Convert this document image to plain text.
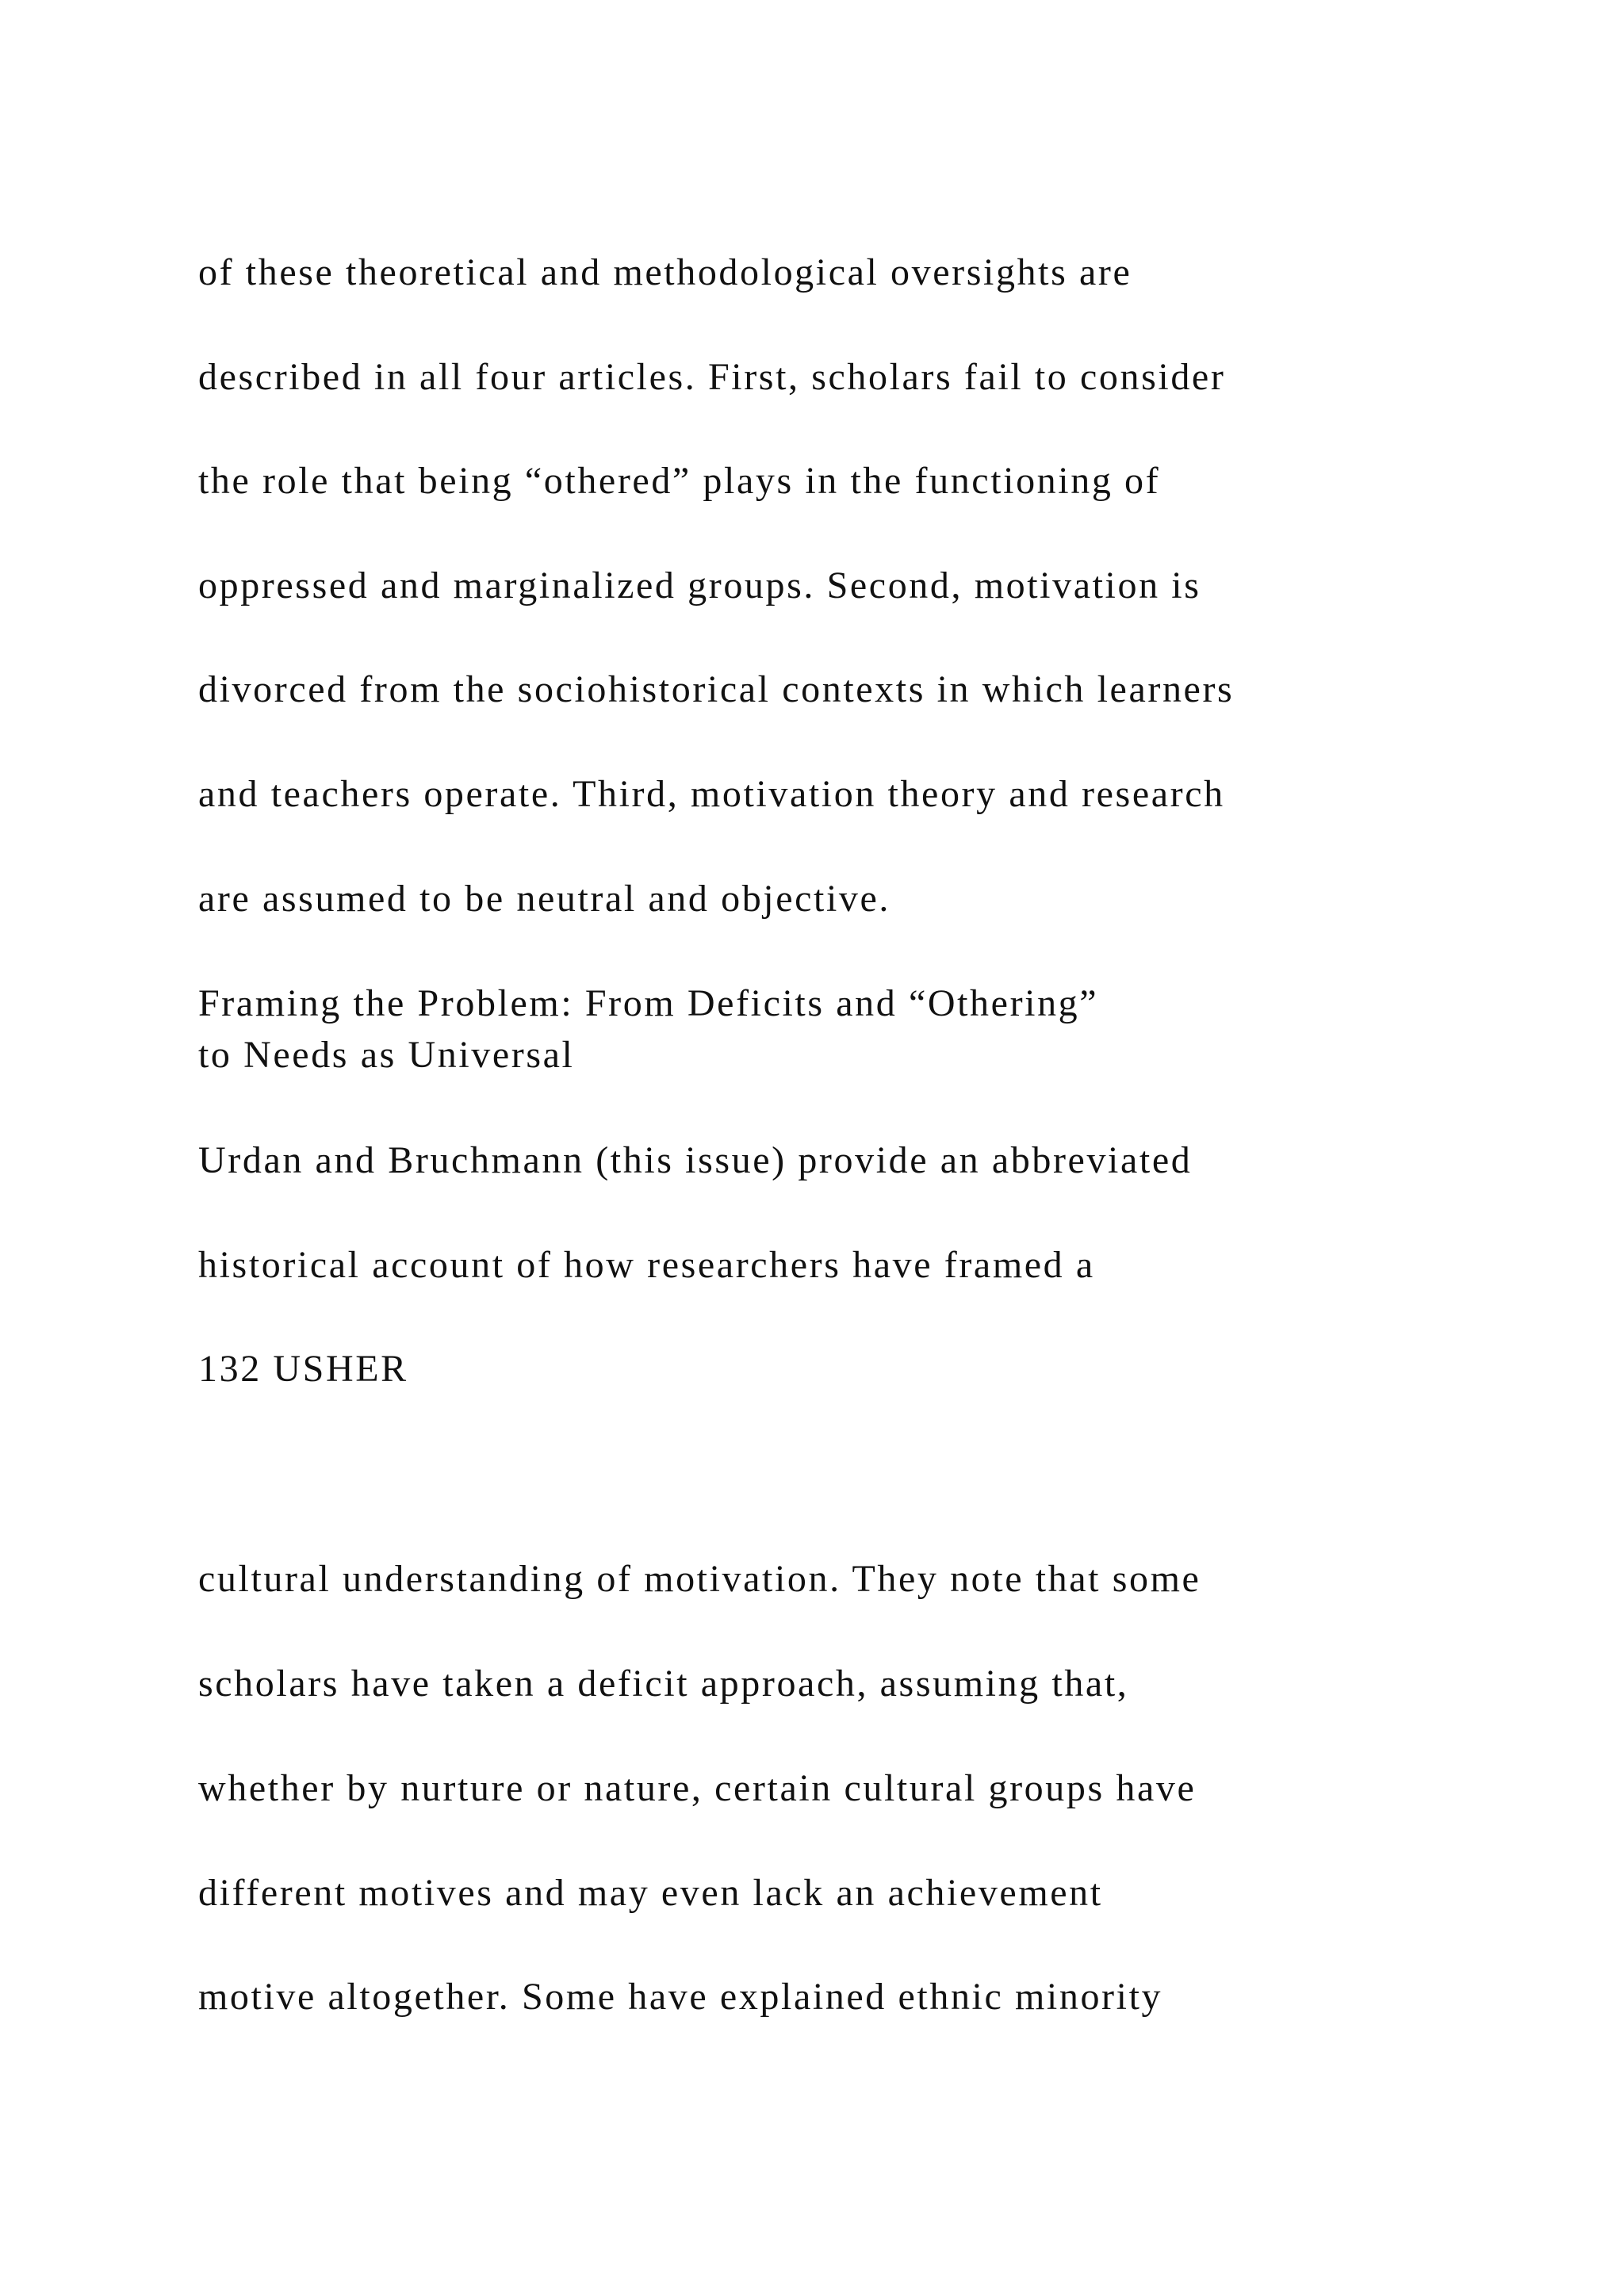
of these theoretical and methodological oversights are

described in all four articles. First, scholars fail to consider

the role that being “othered” plays in the functioning of

oppressed and marginalized groups. Second, motivation is

divorced from the sociohistorical contexts in which learners

and teachers operate. Third, motivation theory and research

are assumed to be neutral and objective.

Framing the Problem: From Deficits and “Othering”

to Needs as Universal

Urdan and Bruchmann (this issue) provide an abbreviated

historical account of how researchers have framed a

132 USHER

cultural understanding of motivation. They note that some

scholars have taken a deficit approach, assuming that,

whether by nurture or nature, certain cultural groups have

different motives and may even lack an achievement

motive altogether. Some have explained ethnic minority
